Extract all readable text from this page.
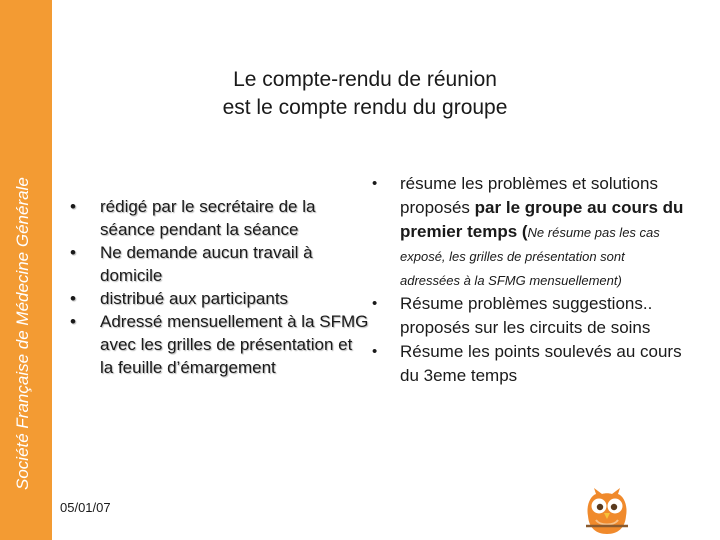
Société Française de Médecine Générale
Le compte-rendu de réunion
est le compte rendu du groupe
• rédigé par le secrétaire de la séance pendant la séance
• Ne demande aucun travail à domicile
• distribué aux participants
• Adressé mensuellement à la SFMG avec les grilles de présentation et la feuille d’émargement
• résume les problèmes et solutions proposés par le groupe au cours du premier temps (Ne résume pas les cas exposé, les grilles de présentation sont adressées à la SFMG mensuellement)
• Résume problèmes suggestions.. proposés sur les circuits de soins
• Résume les points soulevés au cours du 3eme temps
05/01/07
